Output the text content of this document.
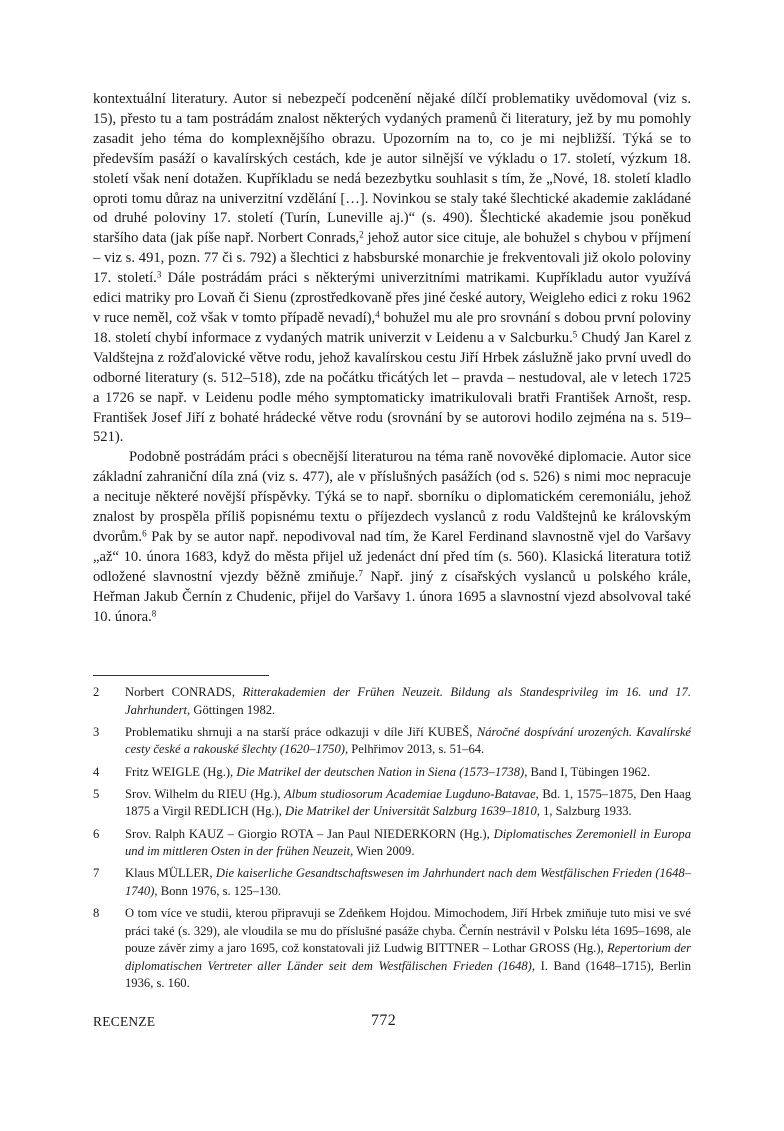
kontextuální literatury. Autor si nebezpečí podcenění nějaké dílčí problematiky uvědomoval (viz s. 15), přesto tu a tam postrádám znalost některých vydaných pramenů či literatury, jež by mu pomohly zasadit jeho téma do komplexnějšího obrazu. Upozorním na to, co je mi nejbližší. Týká se to především pasáží o kavalírských cestách, kde je autor silnější ve výkladu o 17. století, výzkum 18. století však není dotažen. Kupříkladu se nedá bezezbytku souhlasit s tím, že „Nové, 18. století kladlo oproti tomu důraz na univerzitní vzdělání […]. Novinkou se staly také šlechtické akademie zakládané od druhé poloviny 17. století (Turín, Luneville aj.)“ (s. 490). Šlechtické akademie jsou poněkud staršího data (jak píše např. Norbert Conrads,$^2$ jehož autor sice cituje, ale bohužel s chybou v příjmení – viz s. 491, pozn. 77 či s. 792) a šlechtici z habsburské monarchie je frekventovali již okolo poloviny 17. století.$^3$ Dále postrádám práci s některými univerzitními matrikami. Kupříkladu autor využívá edici matriky pro Lovaň či Sienu (zprostředkovaně přes jiné české autory, Weigleho edici z roku 1962 v ruce neměl, což však v tomto případě nevadí),$^4$ bohužel mu ale pro srovnání s dobou první poloviny 18. století chybí informace z vydaných matrik univerzit v Leidenu a v Salcburku.$^5$ Chudý Jan Karel z Valdštejna z rožďalovické větve rodu, jehož kavalírskou cestu Jiří Hrbek záslužně jako první uvedl do odborné literatury (s. 512–518), zde na počátku třicátých let – pravda – nestudoval, ale v letech 1725 a 1726 se např. v Leidenu podle mého symptomaticky imatrikulovali bratři František Arnošt, resp. František Josef Jiří z bohaté hrádecké větve rodu (srovnání by se autorovi hodilo zejména na s. 519–521).

Podobně postrádám práci s obecnější literaturou na téma raně novověké diplomacie. Autor sice základní zahraniční díla zná (viz s. 477), ale v příslušných pasážích (od s. 526) s nimi moc nepracuje a necituje některé novější příspěvky. Týká se to např. sborníku o diplomatickém ceremoniálu, jehož znalost by prospěla příliš popisnému textu o příjezdech vyslanců z rodu Valdštejnů ke královským dvorům.$^6$ Pak by se autor např. nepodivoval nad tím, že Karel Ferdinand slavnostně vjel do Varšavy „až“ 10. února 1683, když do města přijel už jedenáct dní před tím (s. 560). Klasická literatura totiž odložené slavnostní vjezdy běžně zmiňuje.$^7$ Např. jiný z císařských vyslanců u polského krále, Heřman Jakub Černín z Chudenic, přijel do Varšavy 1. února 1695 a slavnostní vjezd absolvoval také 10. února.$^8$

2 Norbert CONRADS, Ritterakademien der Frühen Neuzeit. Bildung als Standesprivileg im 16. und 17. Jahrhundert, Göttingen 1982.
3 Problematiku shrnuji a na starší práce odkazuji v díle Jiří KUBEŠ, Náročné dospívání urozených. Kavalírské cesty české a rakouské šlechty (1620–1750), Pelhřimov 2013, s. 51–64.
4 Fritz WEIGLE (Hg.), Die Matrikel der deutschen Nation in Siena (1573–1738), Band I, Tübingen 1962.
5 Srov. Wilhelm du RIEU (Hg.), Album studiosorum Academiae Lugduno-Batavae, Bd. 1, 1575–1875, Den Haag 1875 a Virgil REDLICH (Hg.), Die Matrikel der Universität Salzburg 1639–1810, 1, Salzburg 1933.
6 Srov. Ralph KAUZ – Giorgio ROTA – Jan Paul NIEDERKORN (Hg.), Diplomatisches Zeremoniell in Europa und im mittleren Osten in der frühen Neuzeit, Wien 2009.
7 Klaus MÜLLER, Die kaiserliche Gesandtschaftswesen im Jahrhundert nach dem Westfälischen Frieden (1648–1740), Bonn 1976, s. 125–130.
8 O tom více ve studii, kterou připravuji se Zdeňkem Hojdou. Mimochodem, Jiří Hrbek zmiňuje tuto misi ve své práci také (s. 329), ale vloudila se mu do příslušné pasáže chyba. Černín nestrávil v Polsku léta 1695–1698, ale pouze závěr zimy a jaro 1695, což konstatovali již Ludwig BITTNER – Lothar GROSS (Hg.), Repertorium der diplomatischen Vertreter aller Länder seit dem Westfälischen Frieden (1648), I. Band (1648–1715), Berlin 1936, s. 160.
RECENZE	772
